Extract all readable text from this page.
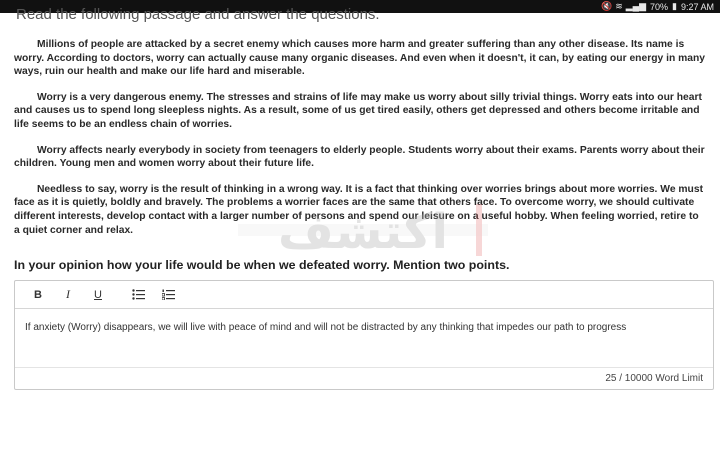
🔇 ≋ ▂▄▆ 70% ▮ 9:27 AM
Read the following passage and answer the questions.

Millions of people are attacked by a secret enemy which causes more harm and greater suffering than any other disease. Its name is worry. According to doctors, worry can actually cause many organic diseases. And even when it doesn't, it can, by eating our energy in many ways, ruin our health and make our life hard and miserable.

Worry is a very dangerous enemy. The stresses and strains of life may make us worry about silly trivial things. Worry eats into our heart and causes us to spend long sleepless nights. As a result, some of us get tired easily, others get depressed and others become irritable and life seems to be an endless chain of worries.

Worry affects nearly everybody in society from teenagers to elderly people. Students worry about their exams. Parents worry about their children. Young men and women worry about their future life.

Needless to say, worry is the result of thinking in a wrong way. It is a fact that thinking over worries brings about more worries. We must face as it is quietly, boldly and bravely. The problems a worrier faces are the same that others face. To overcome worry, we should cultivate different interests, develop contact with a larger number of persons and spend our leisure on a useful hobby. When feeling worried, retire to a quiet corner and relax.	اكتشف
In your opinion how your life would be when we defeated worry. Mention two points.
B	I	U
If anxiety (Worry) disappears, we will live with peace of mind and will not be distracted by any thinking that impedes our path to progress
25 / 10000 Word Limit
